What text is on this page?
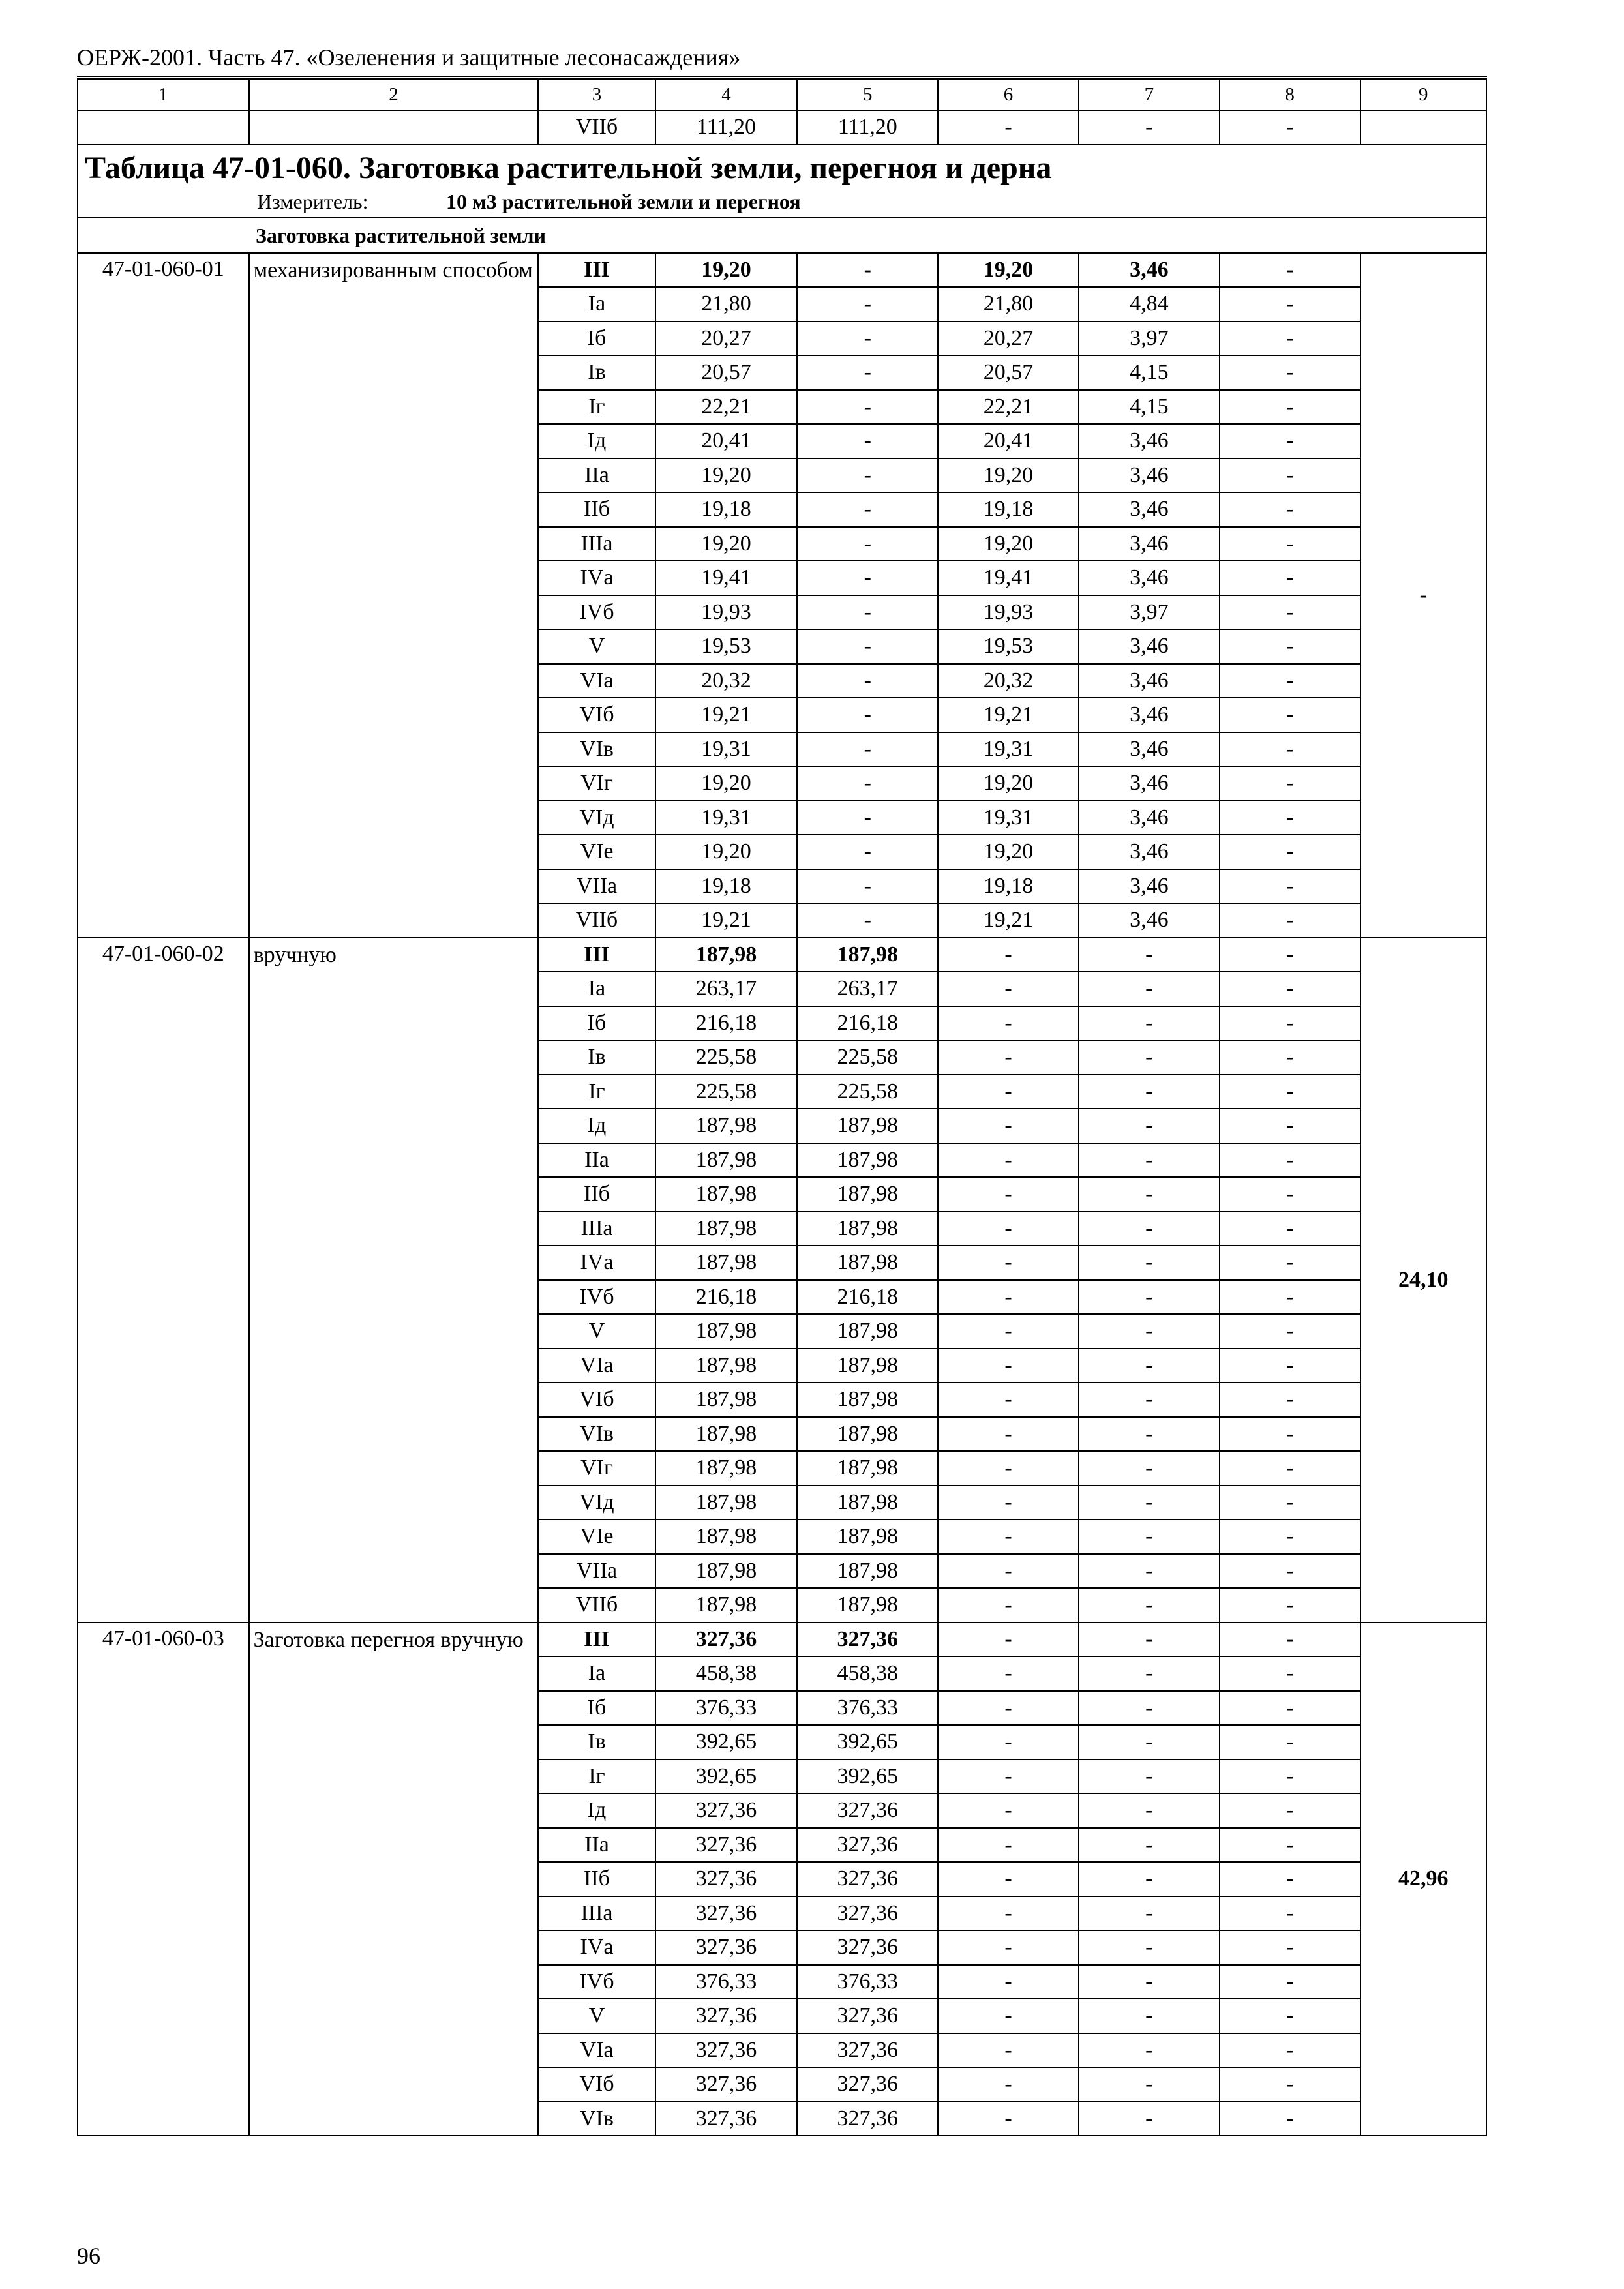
ОЕРЖ-2001. Часть 47. «Озеленения и защитные лесонасаждения»
1	2	3	4	5	6	7	8	9
		VIIб	111,20	111,20	-	-	-	

Таблица 47-01-060. Заготовка растительной земли, перегноя и дерна
Измеритель: 10 м3 растительной земли и перегноя								

Заготовка растительной земли								
47-01-060-01	механизированным способом	III	19,20	-	19,20	3,46	-	-
		Iа	21,80	-	21,80	4,84	-	
		Iб	20,27	-	20,27	3,97	-	
		Iв	20,57	-	20,57	4,15	-	
		Iг	22,21	-	22,21	4,15	-	
		Iд	20,41	-	20,41	3,46	-	
		IIа	19,20	-	19,20	3,46	-	
		IIб	19,18	-	19,18	3,46	-	
		IIIа	19,20	-	19,20	3,46	-	
		IVа	19,41	-	19,41	3,46	-	
		IVб	19,93	-	19,93	3,97	-	
		V	19,53	-	19,53	3,46	-	
		VIа	20,32	-	20,32	3,46	-	
		VIб	19,21	-	19,21	3,46	-	
		VIв	19,31	-	19,31	3,46	-	
		VIг	19,20	-	19,20	3,46	-	
		VIд	19,31	-	19,31	3,46	-	
		VIе	19,20	-	19,20	3,46	-	
		VIIа	19,18	-	19,18	3,46	-	
		VIIб	19,21	-	19,21	3,46	-	
47-01-060-02	вручную	III	187,98	187,98	-	-	-	24,10
		Iа	263,17	263,17	-	-	-	
		Iб	216,18	216,18	-	-	-	
		Iв	225,58	225,58	-	-	-	
		Iг	225,58	225,58	-	-	-	
		Iд	187,98	187,98	-	-	-	
		IIа	187,98	187,98	-	-	-	
		IIб	187,98	187,98	-	-	-	
		IIIа	187,98	187,98	-	-	-	
		IVа	187,98	187,98	-	-	-	
		IVб	216,18	216,18	-	-	-	
		V	187,98	187,98	-	-	-	
		VIа	187,98	187,98	-	-	-	
		VIб	187,98	187,98	-	-	-	
		VIв	187,98	187,98	-	-	-	
		VIг	187,98	187,98	-	-	-	
		VIд	187,98	187,98	-	-	-	
		VIе	187,98	187,98	-	-	-	
		VIIа	187,98	187,98	-	-	-	
		VIIб	187,98	187,98	-	-	-	
47-01-060-03	Заготовка перегноя вручную	III	327,36	327,36	-	-	-	42,96
		Iа	458,38	458,38	-	-	-	
		Iб	376,33	376,33	-	-	-	
		Iв	392,65	392,65	-	-	-	
		Iг	392,65	392,65	-	-	-	
		Iд	327,36	327,36	-	-	-	
		IIа	327,36	327,36	-	-	-	
		IIб	327,36	327,36	-	-	-	
		IIIа	327,36	327,36	-	-	-	
		IVа	327,36	327,36	-	-	-	
		IVб	376,33	376,33	-	-	-	
		V	327,36	327,36	-	-	-	
		VIа	327,36	327,36	-	-	-	
		VIб	327,36	327,36	-	-	-	
		VIв	327,36	327,36	-	-	-	
96
